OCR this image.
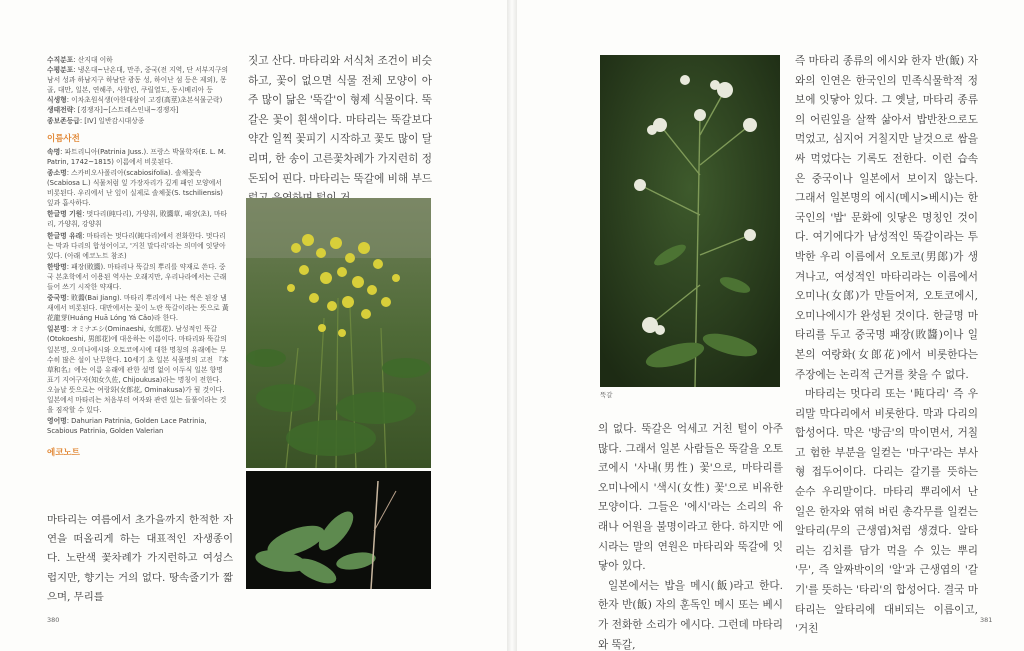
수직분포: 산지대 이하
수평분포: 냉온대~난온대, 만주, 중국(전 지역, 단 서부지구의 남서 성과 하남지구 하남단 광동 성, 하이난 섬 등은 제외), 몽골, 대만, 일본, 연해주, 사할린, 쿠릴열도, 동시베리아 등
식생형: 이차초원식생(아한대삼이 고경(高莖)초본식물군락)
생태전략: [경쟁자]~[스트레스인내~경쟁자]
종보존등급: [IV] 일반감시대상종
이름사전
속명: 파트리니아(Patrinia Juss.). 프랑스 박물학자(E. L. M. Patrin, 1742~1815) 이름에서 비롯된다.
종소명: 스카비오사폴리아(scabiosifolia). 솔체꽃속(Scabiosa L.) 식물처럼 잎 가장자리가 깊게 패인 모양에서 비롯된다. 우리에서 난 잎이 실제로 솔체꽃(S. tschiliensis) 잎과 흡사하다.
한글명 기원: 멋다리(旽다리), 가양취, 敗醬草, 패장(초), 마타리, 가양취, 강양취
한글명 유래: 마타리는 멋다리(旽다리)에서 전화한다. 멋다리는 막과 다리의 합성어이고, '거친 말다리'라는 의미에 잇닿아 있다. (아래 에코노트 참조)
한방명: 패장(敗醬). 마타리나 뚝갈의 뿌리를 약재로 쓴다. 중국 본초학에서 이용된 역사는 오래지만, 우리나라에서는 근래 들어 쓰기 시작한 약재다.
중국명: 敗醬(Bai Jiang). 마타리 뿌리에서 나는 썩은 된장 냄새에서 비롯된다. 대만에서는 꽃이 노란 뚝갈이라는 뜻으로 黃花龍芽(Huáng Huā Lóng Yá Cǎo)라 한다.
일본명: オミナエシ(Ominaeshi, 女郎花). 남성적인 뚝갈(Otokoeshi, 男郎花)에 대응하는 이름이다. 마타리와 뚝갈의 일본명, 오미나에시와 오토코에시에 대한 명칭의 유래에는 무수히 많은 설이 난무한다. 10세기 초 일본 식물명의 고전 『本草和名』에는 이름 유래에 관한 설명 없이 이두식 일본 향명 표기 지여구자(知女久佐, Chijoukusa)라는 명칭이 전한다. 오늘날 뜻으로는 여랑화(女郎花, Ominakusa)가 될 것이다. 일본에서 마타리는 처음부터 여자와 관련 있는 들풀이라는 것을 짐작할 수 있다.
영어명: Dahurian Patrinia, Golden Lace Patrinia, Scabious Patrinia, Golden Valerian
에코노트
마타리는 여름에서 초가을까지 한적한 자연을 떠올리게 하는 대표적인 자생종이다. 노란색 꽃차례가 가지런하고 여성스럽지만, 향기는 거의 없다. 땅속줄기가 짧으며, 무리를

짓고 산다. 마타리와 서식처 조건이 비슷하고, 꽃이 없으면 식물 전체 모양이 아주 많이 닮은 '뚝갈'이 형제 식물이다. 뚝갈은 꽃이 흰색이다. 마타리는 뚝갈보다 약간 일찍 꽃피기 시작하고 꽃도 많이 달리며, 한 송이 고른꽃차례가 가지런히 정돈되어 핀다. 마타리는 뚝갈에 비해 부드

380
뚝갈

의 없다. 뚝갈은 억세고 거친 털이 아주 많다. 그래서 일본 사람들은 뚝갈을 오토코에시 '사내(男性) 꽃'으로, 마타리를 오미나에시 '색시(女性) 꽃'으로 비유한 모양이다. 그들은 '에시'라는 소리의 유래나 어원을 불명이라고 한다. 하지만 에시라는 말의 연원은 마타리와 뚝갈에 잇닿아 있다.

일본에서는 밥을 메시(飯)라고 한다. 한자 반(飯) 자의 훈독인 메시 또는 베시가 전화한 소리가 에시다. 그런데 마타리와 뚝갈,

즉 마타리 종류의 에시와 한자 반(飯) 자와의 인연은 한국인의 민족식물학적 정보에 잇닿아 있다. 그 옛날, 마타리 종류의 어린잎을 살짝 삶아서 밥반찬으로도 먹었고, 심지어 거칠지만 날것으로 쌈을 싸 먹었다는 기록도 전한다. 이런 습속은 중국이나 일본에서 보이지 않는다. 그래서 일본명의 에시(메시>베시)는 한국인의 '밥' 문화에 잇닿은 명칭인 것이다. 여기에다가 남성적인 뚝갈이라는 투박한 우리 이름에서 오토코(男郎)가 생겨나고, 여성적인 마타리라는 이름에서 오미나(女郎)가 만들어져, 오토코에시, 오미나에시가 완성된 것이다. 한글명 마타리를 두고 중국명 패장(敗醬)이나 일본의 여랑화(女郎花)에서 비롯한다는 주장에는 논리적 근거를 찾을 수 없다.

마타리는 멋다리 또는 '旽다리' 즉 우리말 막다리에서 비롯한다. 막과 다리의 합성어다. 막은 '방금'의 막이면서, 거칠고 험한 부분을 일컫는 '마구'라는 부사형 접두어이다. 다리는 갈기를 뜻하는 순수 우리말이다. 마타리 뿌리에서 난 일은 한자와 엮혀 버린 총각무를 일컫는 알타리(무의 근생엽)처럼 생겼다. 알타리는 김치를 담가 먹을 수 있는 뿌리 '무', 즉 알짜박이의 '알'과 근생엽의 '갈기'를 뜻하는 '타리'의 합성어다. 결국 마타리는 알타리에 대비되는 이름이고, '거친

381
